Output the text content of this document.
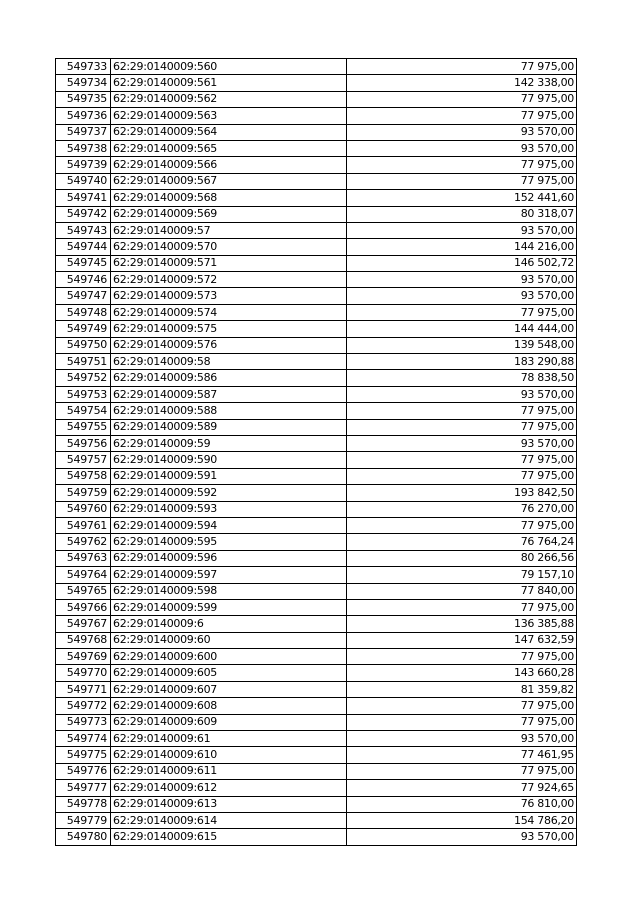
549733	62:29:0140009:560	77 975,00
549734	62:29:0140009:561	142 338,00
549735	62:29:0140009:562	77 975,00
549736	62:29:0140009:563	77 975,00
549737	62:29:0140009:564	93 570,00
549738	62:29:0140009:565	93 570,00
549739	62:29:0140009:566	77 975,00
549740	62:29:0140009:567	77 975,00
549741	62:29:0140009:568	152 441,60
549742	62:29:0140009:569	80 318,07
549743	62:29:0140009:57	93 570,00
549744	62:29:0140009:570	144 216,00
549745	62:29:0140009:571	146 502,72
549746	62:29:0140009:572	93 570,00
549747	62:29:0140009:573	93 570,00
549748	62:29:0140009:574	77 975,00
549749	62:29:0140009:575	144 444,00
549750	62:29:0140009:576	139 548,00
549751	62:29:0140009:58	183 290,88
549752	62:29:0140009:586	78 838,50
549753	62:29:0140009:587	93 570,00
549754	62:29:0140009:588	77 975,00
549755	62:29:0140009:589	77 975,00
549756	62:29:0140009:59	93 570,00
549757	62:29:0140009:590	77 975,00
549758	62:29:0140009:591	77 975,00
549759	62:29:0140009:592	193 842,50
549760	62:29:0140009:593	76 270,00
549761	62:29:0140009:594	77 975,00
549762	62:29:0140009:595	76 764,24
549763	62:29:0140009:596	80 266,56
549764	62:29:0140009:597	79 157,10
549765	62:29:0140009:598	77 840,00
549766	62:29:0140009:599	77 975,00
549767	62:29:0140009:6	136 385,88
549768	62:29:0140009:60	147 632,59
549769	62:29:0140009:600	77 975,00
549770	62:29:0140009:605	143 660,28
549771	62:29:0140009:607	81 359,82
549772	62:29:0140009:608	77 975,00
549773	62:29:0140009:609	77 975,00
549774	62:29:0140009:61	93 570,00
549775	62:29:0140009:610	77 461,95
549776	62:29:0140009:611	77 975,00
549777	62:29:0140009:612	77 924,65
549778	62:29:0140009:613	76 810,00
549779	62:29:0140009:614	154 786,20
549780	62:29:0140009:615	93 570,00
